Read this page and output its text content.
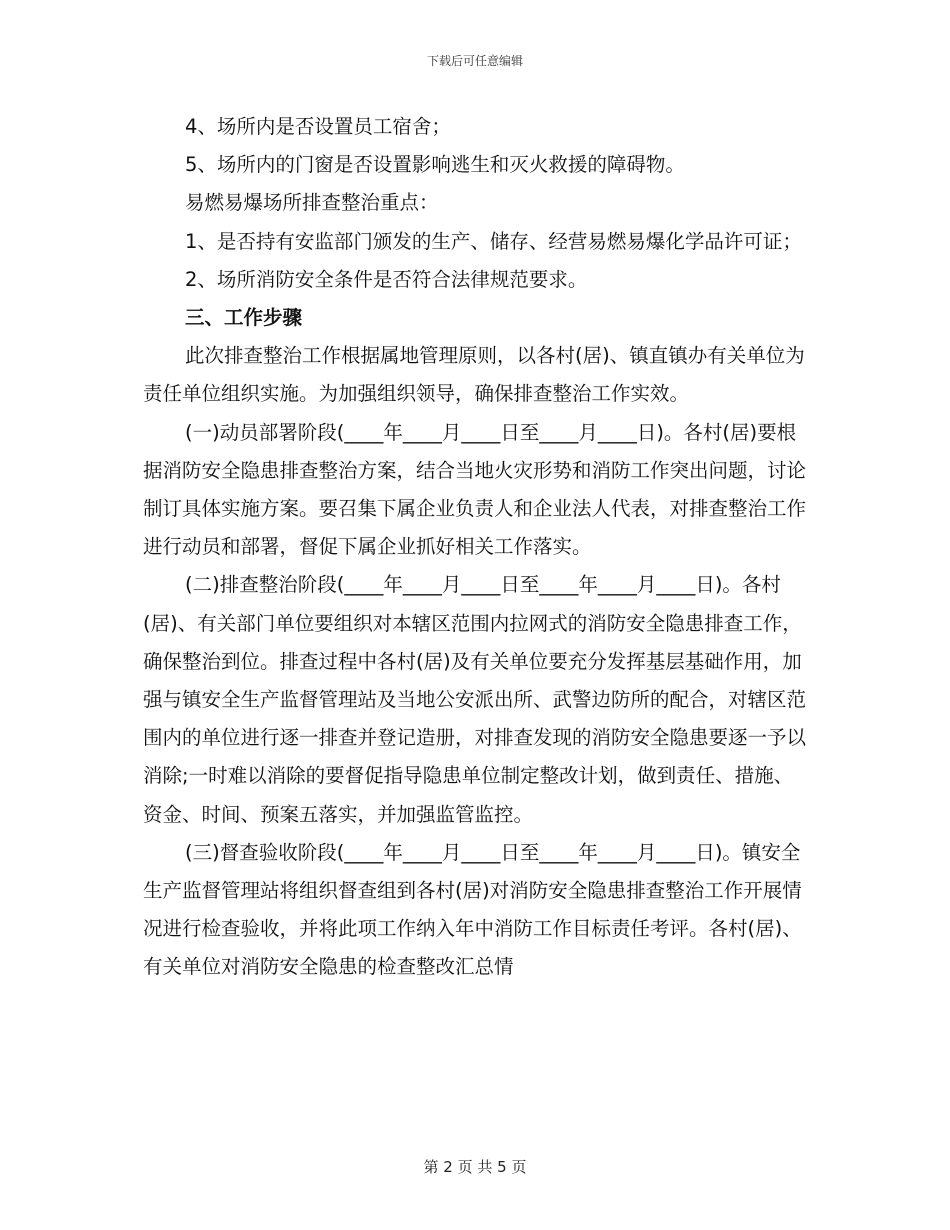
下载后可任意编辑

4、场所内是否设置员工宿舍；

5、场所内的门窗是否设置影响逃生和灭火救援的障碍物。

易燃易爆场所排查整治重点：

1、是否持有安监部门颁发的生产、储存、经营易燃易爆化学品许可证；

2、场所消防安全条件是否符合法律规范要求。

三、工作步骤

此次排查整治工作根据属地管理原则，以各村(居)、镇直镇办有关单位为责任单位组织实施。为加强组织领导，确保排查整治工作实效。

(一)动员部署阶段(____年____月____日至____月____日)。各村(居)要根据消防安全隐患排查整治方案，结合当地火灾形势和消防工作突出问题，讨论制订具体实施方案。要召集下属企业负责人和企业法人代表，对排查整治工作进行动员和部署，督促下属企业抓好相关工作落实。

(二)排查整治阶段(____年____月____日至____年____月____日)。各村(居)、有关部门单位要组织对本辖区范围内拉网式的消防安全隐患排查工作，确保整治到位。排查过程中各村(居)及有关单位要充分发挥基层基础作用，加强与镇安全生产监督管理站及当地公安派出所、武警边防所的配合，对辖区范围内的单位进行逐一排查并登记造册，对排查发现的消防安全隐患要逐一予以消除;一时难以消除的要督促指导隐患单位制定整改计划，做到责任、措施、资金、时间、预案五落实，并加强监管监控。

(三)督查验收阶段(____年____月____日至____年____月____日)。镇安全生产监督管理站将组织督查组到各村(居)对消防安全隐患排查整治工作开展情况进行检查验收，并将此项工作纳入年中消防工作目标责任考评。各村(居)、有关单位对消防安全隐患的检查整改汇总情

第 2 页 共 5 页
